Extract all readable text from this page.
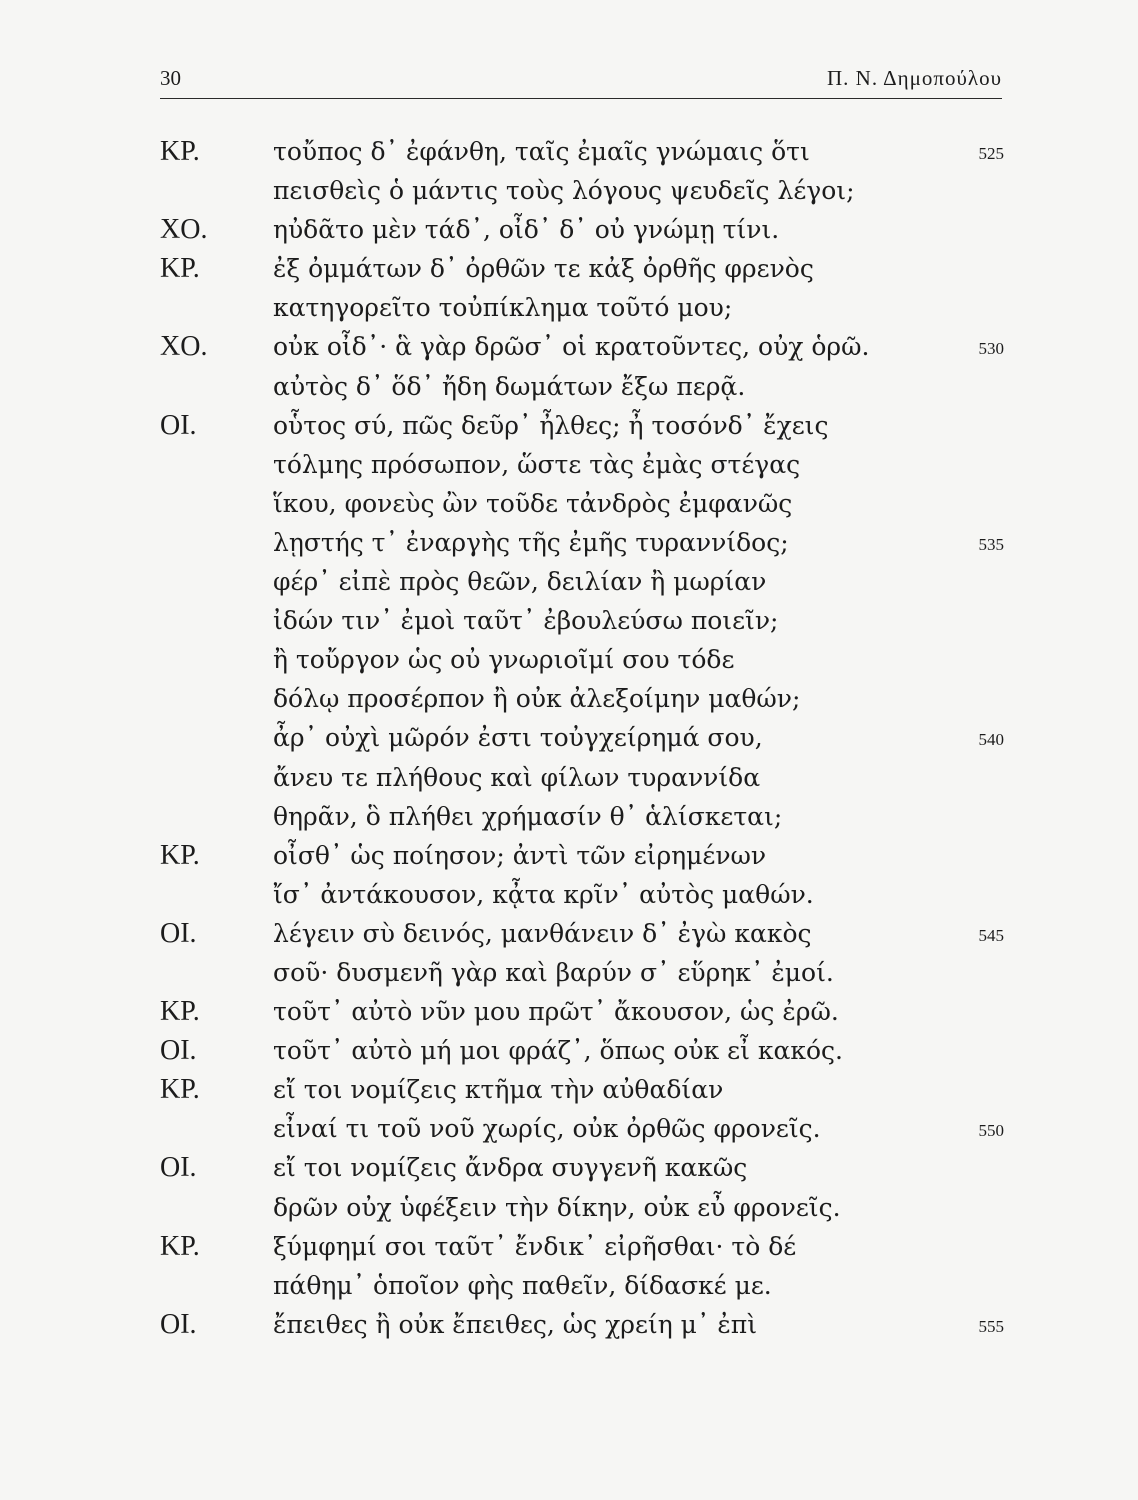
30	Π. Ν. Δημοπούλου
ΚΡ.	τοὔπος δ᾽ ἐφάνθη, ταῖς ἐμαῖς γνώμαις ὅτι	525
πεισθεὶς ὁ μάντις τοὺς λόγους ψευδεῖς λέγοι;
ΧΟ.	ηὐδᾶτο μὲν τάδ᾽, οἶδ᾽ δ᾽ οὐ γνώμῃ τίνι.
ΚΡ.	ἐξ ὀμμάτων δ᾽ ὀρθῶν τε κἀξ ὀρθῆς φρενὸς
κατηγορεῖτο τοὐπίκλημα τοῦτό μου;
ΧΟ.	οὐκ οἶδ᾽· ἃ γὰρ δρῶσ᾽ οἱ κρατοῦντες, οὐχ ὁρῶ.	530
αὐτὸς δ᾽ ὅδ᾽ ἤδη δωμάτων ἔξω περᾷ.
ΟΙ.	οὗτος σύ, πῶς δεῦρ᾽ ἦλθες; ἦ τοσόνδ᾽ ἔχεις
τόλμης πρόσωπον, ὥστε τὰς ἐμὰς στέγας
ἵκου, φονεὺς ὢν τοῦδε τἀνδρὸς ἐμφανῶς
λῃστής τ᾽ ἐναργὴς τῆς ἐμῆς τυραννίδος;	535
φέρ᾽ εἰπὲ πρὸς θεῶν, δειλίαν ἢ μωρίαν
ἰδών τιν᾽ ἐμοὶ ταῦτ᾽ ἐβουλεύσω ποιεῖν;
ἢ τοὔργον ὡς οὐ γνωριοῖμί σου τόδε
δόλῳ προσέρπον ἢ οὐκ ἀλεξοίμην μαθών;
ἆρ᾽ οὐχὶ μῶρόν ἐστι τοὐγχείρημά σου,	540
ἄνευ τε πλήθους καὶ φίλων τυραννίδα
θηρᾶν, ὃ πλήθει χρήμασίν θ᾽ ἁλίσκεται;
ΚΡ.	οἶσθ᾽ ὡς ποίησον; ἀντὶ τῶν εἰρημένων
ἴσ᾽ ἀντάκουσον, κᾆτα κρῖν᾽ αὐτὸς μαθών.
ΟΙ.	λέγειν σὺ δεινός, μανθάνειν δ᾽ ἐγὼ κακὸς	545
σοῦ· δυσμενῆ γὰρ καὶ βαρύν σ᾽ εὕρηκ᾽ ἐμοί.
ΚΡ.	τοῦτ᾽ αὐτὸ νῦν μου πρῶτ᾽ ἄκουσον, ὡς ἐρῶ.
ΟΙ.	τοῦτ᾽ αὐτὸ μή μοι φράζ᾽, ὅπως οὐκ εἶ κακός.
ΚΡ.	εἴ τοι νομίζεις κτῆμα τὴν αὐθαδίαν
εἶναί τι τοῦ νοῦ χωρίς, οὐκ ὀρθῶς φρονεῖς.	550
ΟΙ.	εἴ τοι νομίζεις ἄνδρα συγγενῆ κακῶς
δρῶν οὐχ ὑφέξειν τὴν δίκην, οὐκ εὖ φρονεῖς.
ΚΡ.	ξύμφημί σοι ταῦτ᾽ ἔνδικ᾽ εἰρῆσθαι· τὸ δέ
πάθημ᾽ ὁποῖον φὴς παθεῖν, δίδασκέ με.
ΟΙ.	ἔπειθες ἢ οὐκ ἔπειθες, ὡς χρείη μ᾽ ἐπὶ	555
